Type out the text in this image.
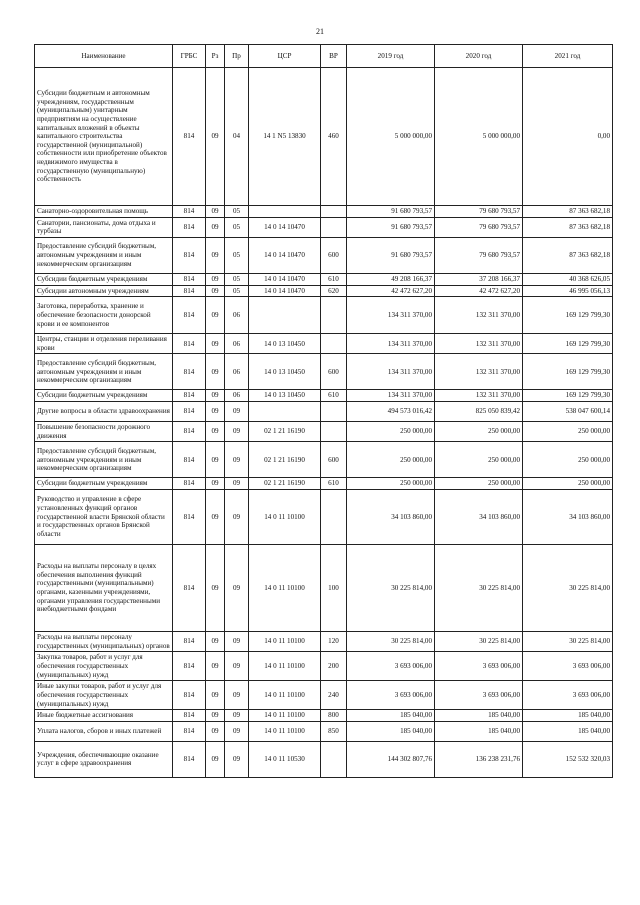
21
Наименование	ГРБС	Рз	Пр	ЦСР	ВР	2019 год	2020 год	2021 год
Субсидии бюджетным и автономным учреждениям, государственным (муниципальным) унитарным предприятиям на осуществление капитальных вложений в объекты капитального строительства государственной (муниципальной) собственности или приобретение объектов недвижимого имущества в государственную (муниципальную) собственность	814	09	04	14 1 N5 13830	460	5 000 000,00	5 000 000,00	0,00
Санаторно-оздоровительная помощь	814	09	05			91 680 793,57	79 680 793,57	87 363 682,18
Санатории, пансионаты, дома отдыха и турбазы	814	09	05	14 0 14 10470		91 680 793,57	79 680 793,57	87 363 682,18
Предоставление субсидий бюджетным, автономным учреждениям и иным некоммерческим организациям	814	09	05	14 0 14 10470	600	91 680 793,57	79 680 793,57	87 363 682,18
Субсидии бюджетным учреждениям	814	09	05	14 0 14 10470	610	49 208 166,37	37 208 166,37	40 368 626,05
Субсидии автономным учреждениям	814	09	05	14 0 14 10470	620	42 472 627,20	42 472 627,20	46 995 056,13
Заготовка, переработка, хранение и обеспечение безопасности донорской крови и ее компонентов	814	09	06			134 311 370,00	132 311 370,00	169 129 799,30
Центры, станции и отделения переливания крови	814	09	06	14 0 13 10450		134 311 370,00	132 311 370,00	169 129 799,30
Предоставление субсидий бюджетным, автономным учреждениям и иным некоммерческим организациям	814	09	06	14 0 13 10450	600	134 311 370,00	132 311 370,00	169 129 799,30
Субсидии бюджетным учреждениям	814	09	06	14 0 13 10450	610	134 311 370,00	132 311 370,00	169 129 799,30
Другие вопросы в области здравоохранения	814	09	09			494 573 016,42	825 050 839,42	538 047 600,14
Повышение безопасности дорожного движения	814	09	09	02 1 21 16190		250 000,00	250 000,00	250 000,00
Предоставление субсидий бюджетным, автономным учреждениям и иным некоммерческим организациям	814	09	09	02 1 21 16190	600	250 000,00	250 000,00	250 000,00
Субсидии бюджетным учреждениям	814	09	09	02 1 21 16190	610	250 000,00	250 000,00	250 000,00
Руководство и управление в сфере установленных функций органов государственной власти Брянской области и государственных органов Брянской области	814	09	09	14 0 11 10100		34 103 860,00	34 103 860,00	34 103 860,00
Расходы на выплаты персоналу в целях обеспечения выполнения функций государственными (муниципальными) органами, казенными учреждениями, органами управления государственными внебюджетными фондами	814	09	09	14 0 11 10100	100	30 225 814,00	30 225 814,00	30 225 814,00
Расходы на выплаты персоналу государственных (муниципальных) органов	814	09	09	14 0 11 10100	120	30 225 814,00	30 225 814,00	30 225 814,00
Закупка товаров, работ и услуг для обеспечения государственных (муниципальных) нужд	814	09	09	14 0 11 10100	200	3 693 006,00	3 693 006,00	3 693 006,00
Иные закупки товаров, работ и услуг для обеспечения государственных (муниципальных) нужд	814	09	09	14 0 11 10100	240	3 693 006,00	3 693 006,00	3 693 006,00
Иные бюджетные ассигнования	814	09	09	14 0 11 10100	800	185 040,00	185 040,00	185 040,00
Уплата налогов, сборов и иных платежей	814	09	09	14 0 11 10100	850	185 040,00	185 040,00	185 040,00
Учреждения, обеспечивающие оказание услуг в сфере здравоохранения	814	09	09	14 0 11 10530		144 302 807,76	136 238 231,76	152 532 320,03
